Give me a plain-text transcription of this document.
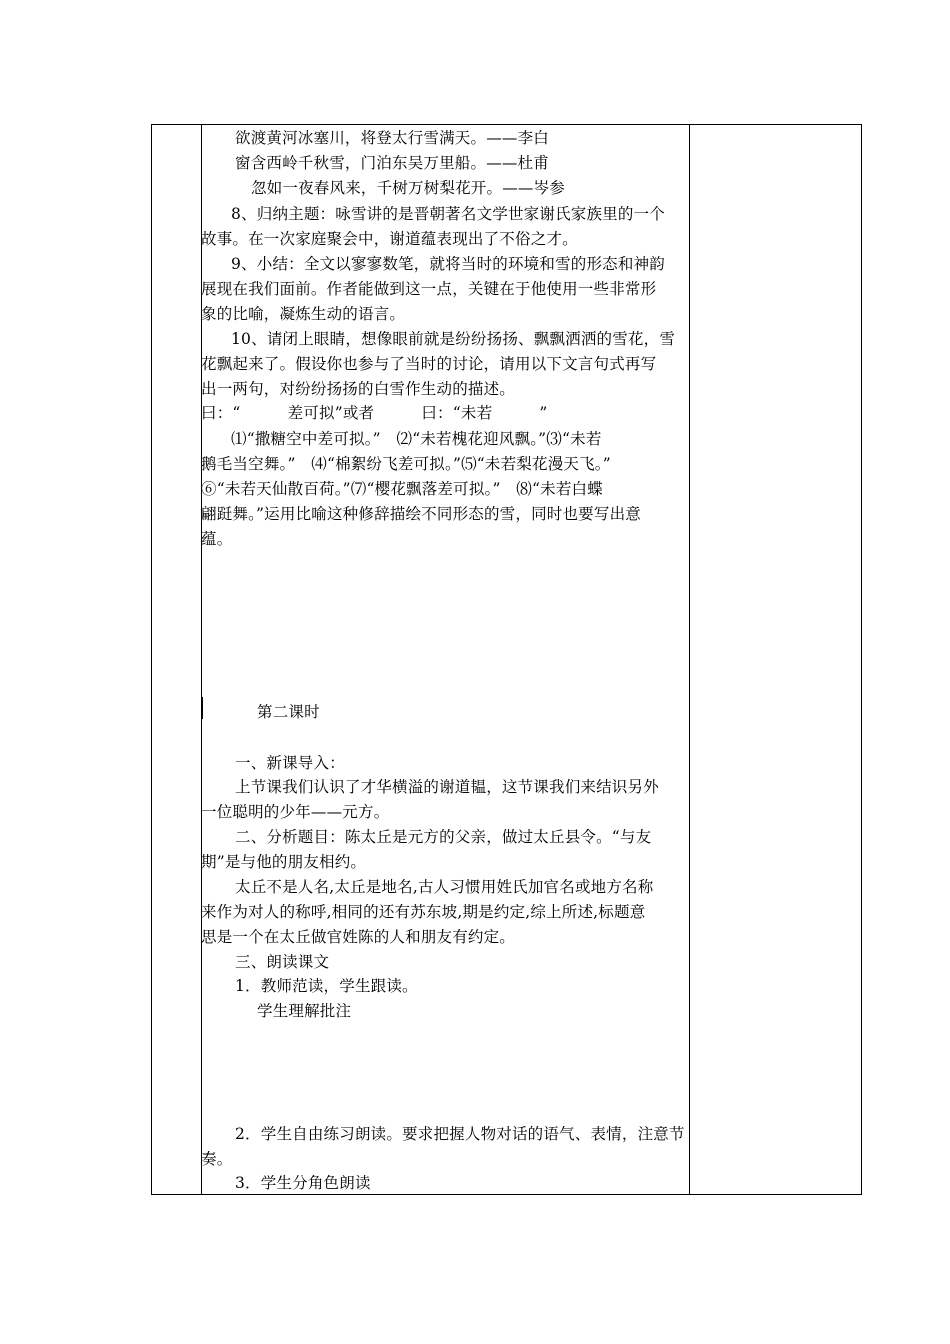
欲渡黄河冰塞川，将登太行雪满天。——李白
窗含西岭千秋雪，门泊东吴万里船。——杜甫
忽如一夜春风来，千树万树梨花开。——岑参
8、归纳主题：咏雪讲的是晋朝著名文学世家谢氏家族里的一个
故事。在一次家庭聚会中，谢道蕴表现出了不俗之才。
9、小结：全文以寥寥数笔，就将当时的环境和雪的形态和神韵
展现在我们面前。作者能做到这一点，关键在于他使用一些非常形
象的比喻，凝炼生动的语言。
10、请闭上眼睛，想像眼前就是纷纷扬扬、飘飘洒洒的雪花，雪
花飘起来了。假设你也参与了当时的讨论，请用以下文言句式再写
出一两句，对纷纷扬扬的白雪作生动的描述。
曰：“　　　差可拟”或者　　　曰：“未若　　　”
⑴“撒糖空中差可拟。”　⑵“未若槐花迎风飘。”⑶“未若
鹅毛当空舞。”　⑷“棉絮纷飞差可拟。”⑸“未若梨花漫天飞。”
⑥“未若天仙散百荷。”⑺“樱花飘落差可拟。”　⑻“未若白蝶
翩跹舞。”运用比喻这种修辞描绘不同形态的雪，同时也要写出意
蕴。
第二课时
一、新课导入：
上节课我们认识了才华横溢的谢道韫，这节课我们来结识另外
一位聪明的少年——元方。
二、分析题目：陈太丘是元方的父亲，做过太丘县令。“与友
期”是与他的朋友相约。
太丘不是人名,太丘是地名,古人习惯用姓氏加官名或地方名称
来作为对人的称呼,相同的还有苏东坡,期是约定,综上所述,标题意
思是一个在太丘做官姓陈的人和朋友有约定。
三、朗读课文
1．教师范读，学生跟读。
学生理解批注
2．学生自由练习朗读。要求把握人物对话的语气、表情，注意节
奏。
3．学生分角色朗读
